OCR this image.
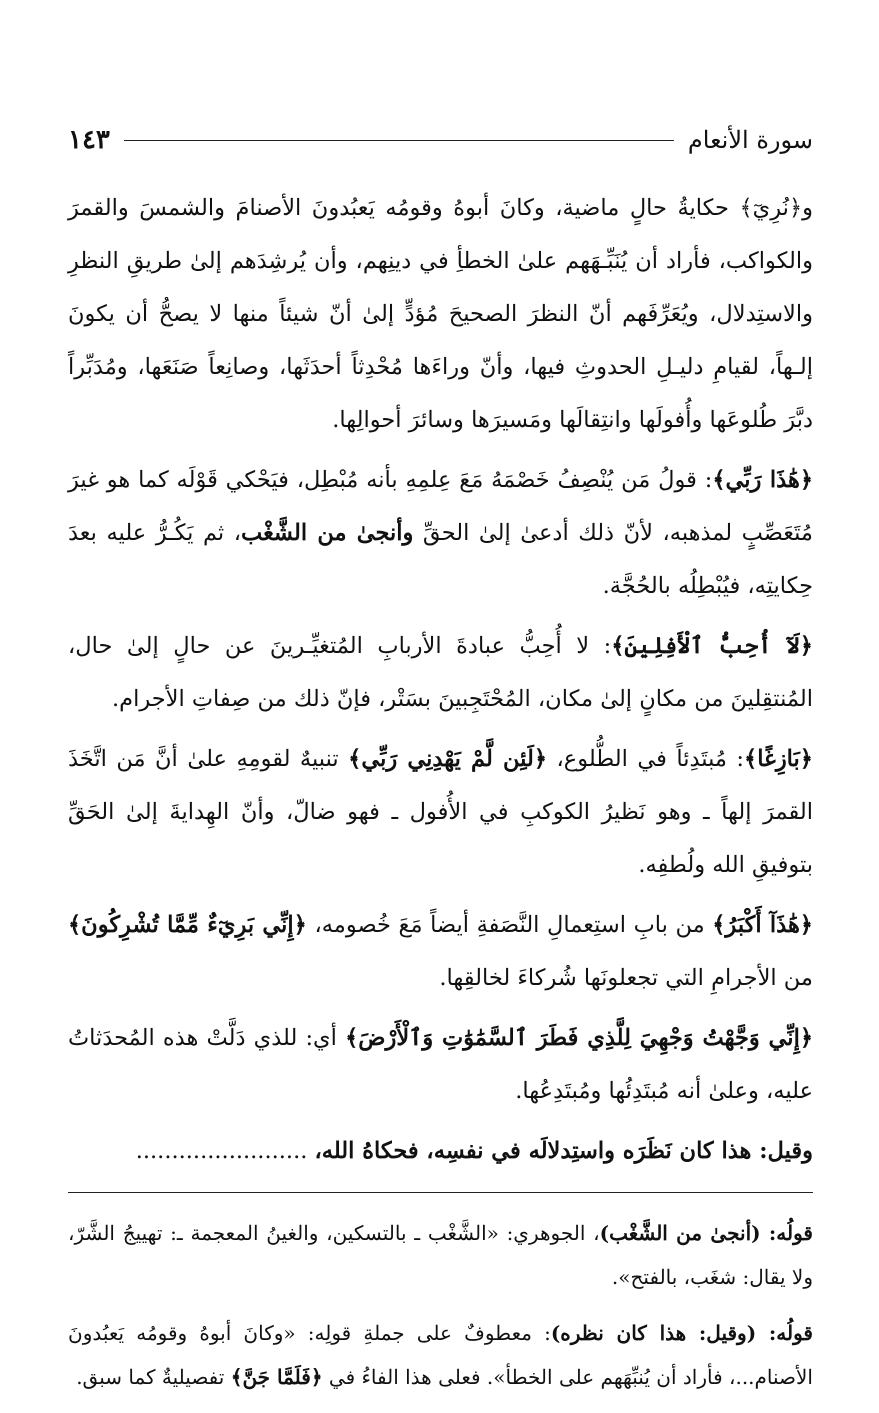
سورة الأنعام
١٤٣

و﴿نُرِيٓ﴾ حكايةُ حالٍ ماضية، وكانَ أبوهُ وقومُه يَعبُدونَ الأصنامَ والشمسَ والقمرَ والكواكب، فأراد أن يُنَبِّـهَهم علىٰ الخطأِ في دينِهم، وأن يُرشِدَهم إلىٰ طريقِ النظرِ والاستِدلال، ويُعَرِّفَهم أنّ النظرَ الصحيحَ مُؤدٍّ إلىٰ أنّ شيئاً منها لا يصحُّ أن يكونَ إلـهاً، لقيامِ دليـلِ الحدوثِ فيها، وأنّ وراءَها مُحْدِثاً أحدَثَها، وصانِعاً صَنَعَها، ومُدَبِّراً دبَّرَ طُلوعَها وأُفولَها وانتِقالَها ومَسيرَها وسائرَ أحوالِها.

﴿هَٰذَا رَبِّي﴾: قولُ مَن يُنْصِفُ خَصْمَهُ مَعَ عِلمِهِ بأنه مُبْطِل، فيَحْكي قَوْلَه كما هو غيرَ مُتَعَصِّبٍ لمذهبه، لأنّ ذلك أدعىٰ إلىٰ الحقِّ وأنجىٰ من الشَّغْب، ثم يَكُـرُّ عليه بعدَ حِكايتِه، فيُبْطِلُه بالحُجَّة.

﴿لَآ أُحِبُّ ٱلْأَفِلِينَ﴾: لا أُحِبُّ عبادةَ الأربابِ المُتغيِّـرينَ عن حالٍ إلىٰ حال، المُنتقِلينَ من مكانٍ إلىٰ مكان، المُحْتَجِبينَ بسَتْر، فإنّ ذلك من صِفاتِ الأجرام.

﴿بَازِغًا﴾: مُبتَدِئاً في الطُّلوع، ﴿لَئِن لَّمْ يَهْدِنِي رَبِّي﴾ تنبيهٌ لقومِهِ علىٰ أنَّ مَن اتَّخَذَ القمرَ إلهاً ـ وهو نَظيرُ الكوكبِ في الأُفول ـ فهو ضالّ، وأنّ الهِدايةَ إلىٰ الحَقِّ بتوفيقِ الله ولُطفِه.

﴿هَٰذَآ أَكْبَرُ﴾ من بابِ استِعمالِ النَّصَفةِ أيضاً مَعَ خُصومه، ﴿إِنِّي بَرِيٓءٌ مِّمَّا تُشْرِكُونَ﴾ من الأجرامِ التي تجعلونَها شُركاءَ لخالقِها.

﴿إِنِّي وَجَّهْتُ وَجْهِيَ لِلَّذِي فَطَرَ ٱلسَّمَٰوَٰتِ وَٱلْأَرْضَ﴾ أي: للذي دَلَّتْ هذه المُحدَثاتُ عليه، وعلىٰ أنه مُبتَدِئُها ومُبتَدِعُها.

وقيل: هذا كان نَظَرَه واستِدلالَه في نفسِه، فحكاهُ الله، ........................

قولُه: (أنجىٰ من الشَّغْب)، الجوهري: «الشَّغْب ـ بالتسكين، والغينُ المعجمة ـ: تهييجُ الشَّرّ، ولا يقال: شغَب، بالفتح».

قولُه: (وقيل: هذا كان نظره): معطوفٌ على جملةِ قولِه: «وكانَ أبوهُ وقومُه يَعبُدونَ الأصنام...، فأراد أن يُنبِّهَهم على الخطأ». فعلى هذا الفاءُ في ﴿فَلَمَّا جَنَّ﴾ تفصيليةٌ كما سبق.
